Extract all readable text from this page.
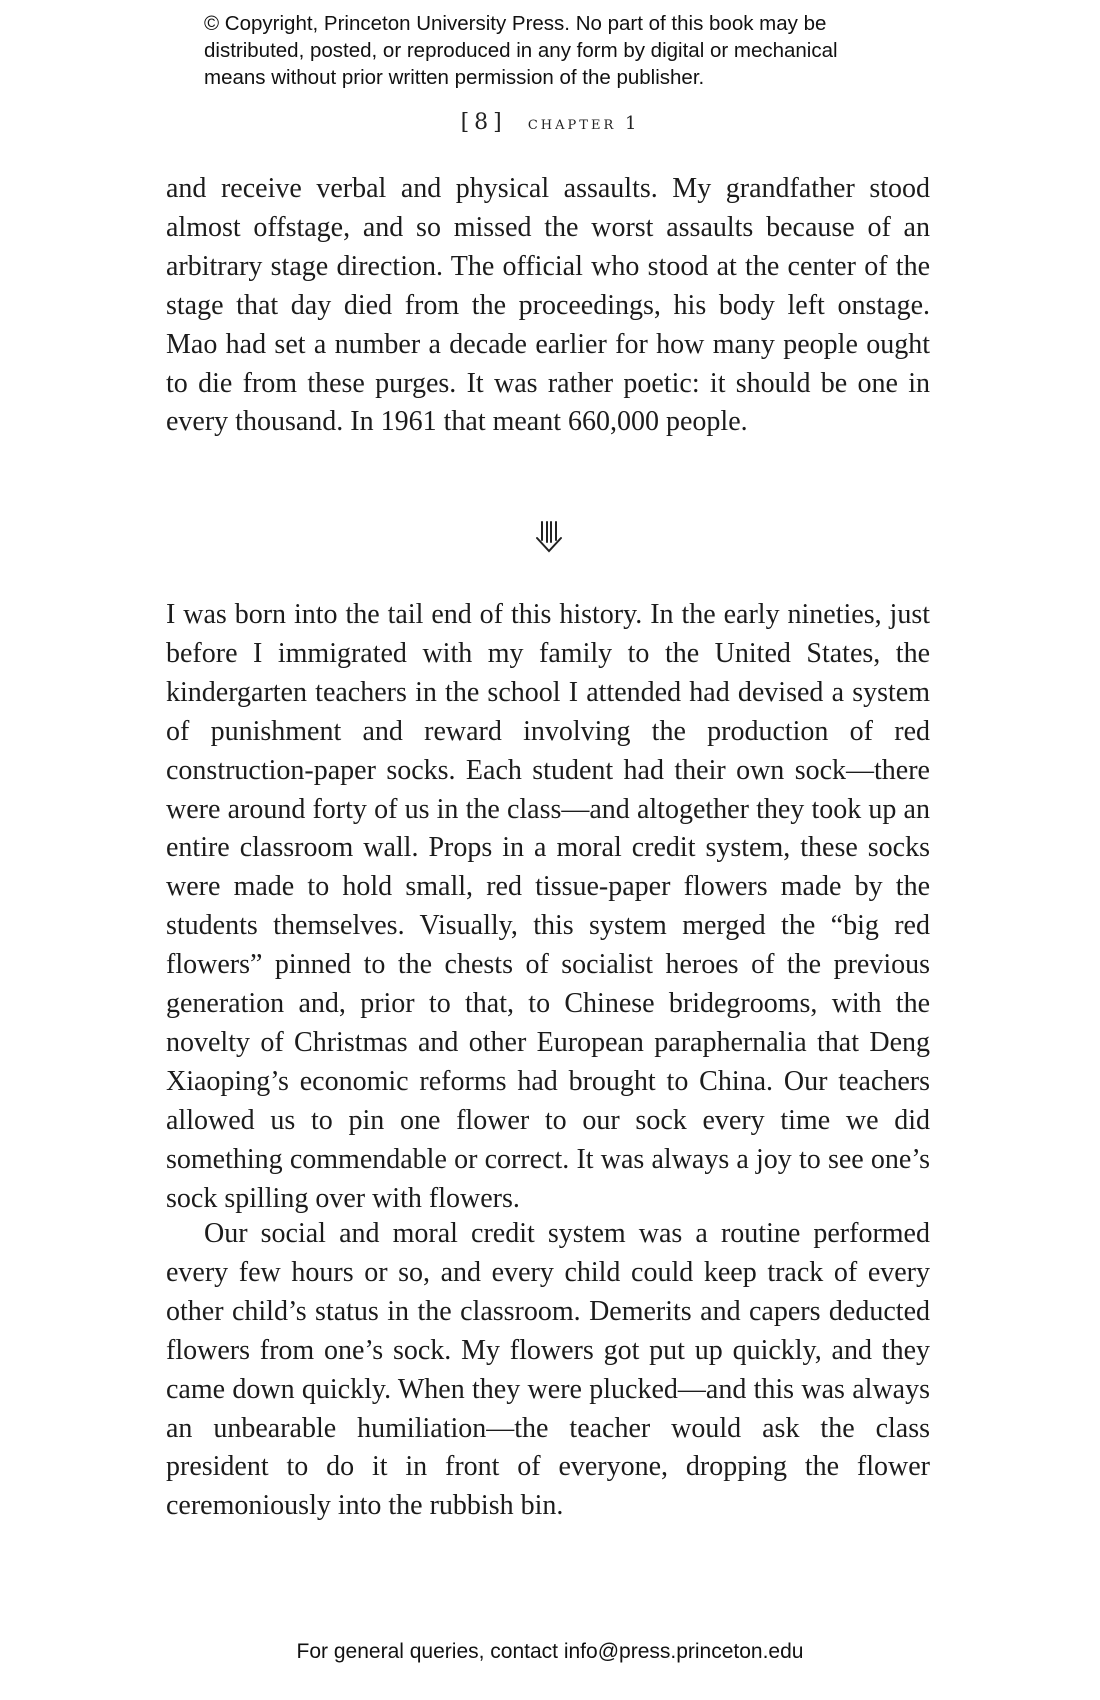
© Copyright, Princeton University Press. No part of this book may be
distributed, posted, or reproduced in any form by digital or mechanical
means without prior written permission of the publisher.
[8] chapter 1

and receive verbal and physical assaults. My grandfather stood almost offstage, and so missed the worst assaults because of an arbitrary stage direction. The official who stood at the center of the stage that day died from the proceedings, his body left onstage. Mao had set a number a decade earlier for how many people ought to die from these purges. It was rather poetic: it should be one in every thousand. In 1961 that meant 660,000 people.

I was born into the tail end of this history. In the early nineties, just before I immigrated with my family to the United States, the kindergarten teachers in the school I attended had devised a system of punishment and reward involving the production of red construction-paper socks. Each student had their own sock—there were around forty of us in the class—and altogether they took up an entire classroom wall. Props in a moral credit system, these socks were made to hold small, red tissue-paper flowers made by the students themselves. Visually, this system merged the “big red flowers” pinned to the chests of socialist heroes of the previous generation and, prior to that, to Chinese bridegrooms, with the novelty of Christmas and other European paraphernalia that Deng Xiaoping’s economic reforms had brought to China. Our teachers allowed us to pin one flower to our sock every time we did something commendable or correct. It was always a joy to see one’s sock spilling over with flowers.

Our social and moral credit system was a routine performed every few hours or so, and every child could keep track of every other child’s status in the classroom. Demerits and capers deducted flowers from one’s sock. My flowers got put up quickly, and they came down quickly. When they were plucked—and this was always an unbearable humiliation—the teacher would ask the class president to do it in front of everyone, dropping the flower ceremoniously into the rubbish bin.

For general queries, contact info@press.princeton.edu
